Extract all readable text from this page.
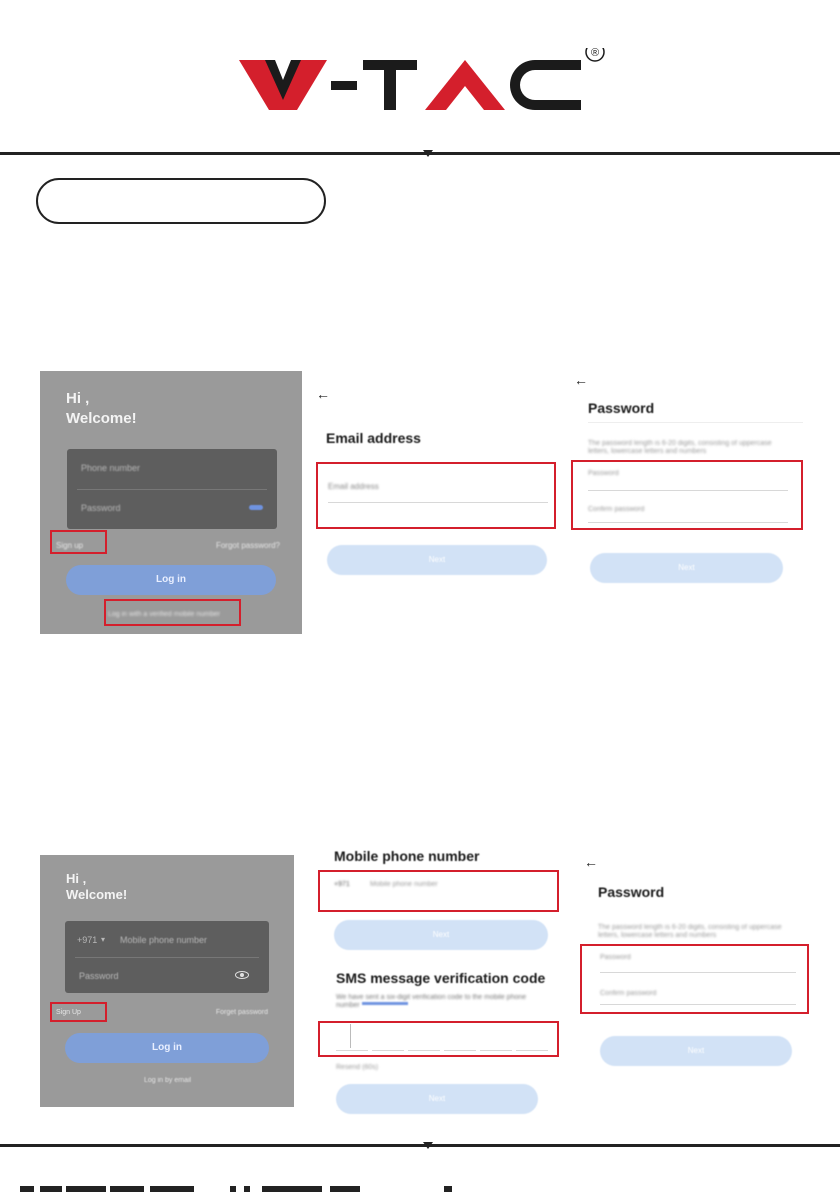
®
Hi ,
Welcome!
Phone number
Password
Sign up	Forgot password?
Log in
Log in with a verified mobile number
←
Email address
Email address
Next
←
Password
The password length is 6-20 digits, consisting of uppercase letters, lowercase letters and numbers
Password
Confirm password
Next
Hi ,
Welcome!
+971 ▾ Mobile phone number
Password
Sign Up	Forget password
Log in
Log in by email
Mobile phone number
+971	Mobile phone number
Next
SMS message verification code
We have sent a six-digit verification code to the mobile phone number
Resend (60s)
Next
←
Password
The password length is 6-20 digits, consisting of uppercase letters, lowercase letters and numbers
Password
Confirm password
Next
